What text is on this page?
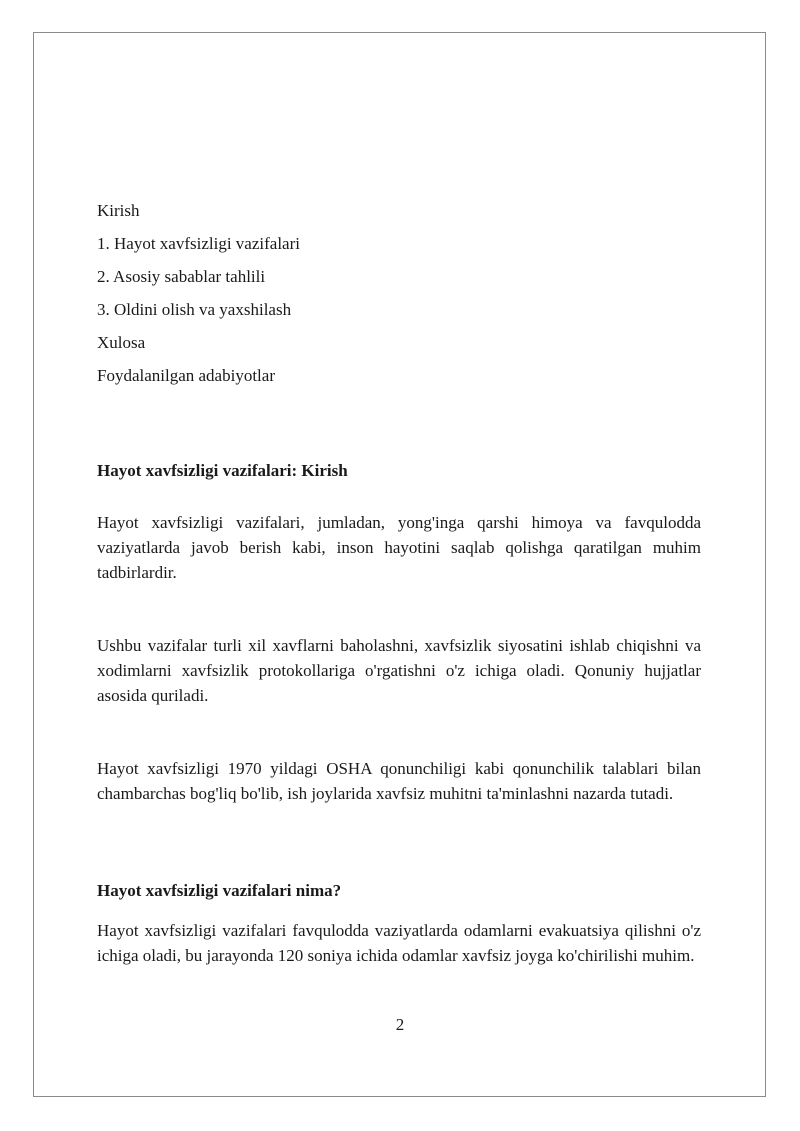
Kirish
1. Hayot xavfsizligi vazifalari
2. Asosiy sabablar tahlili
3. Oldini olish va yaxshilash
Xulosa
Foydalanilgan adabiyotlar
Hayot xavfsizligi vazifalari: Kirish
Hayot xavfsizligi vazifalari, jumladan, yong'inga qarshi himoya va favqulodda vaziyatlarda javob berish kabi, inson hayotini saqlab qolishga qaratilgan muhim tadbirlardir.
Ushbu vazifalar turli xil xavflarni baholashni, xavfsizlik siyosatini ishlab chiqishni va xodimlarni xavfsizlik protokollariga o'rgatishni o'z ichiga oladi. Qonuniy hujjatlar asosida quriladi.
Hayot xavfsizligi 1970 yildagi OSHA qonunchiligi kabi qonunchilik talablari bilan chambarchas bog'liq bo'lib, ish joylarida xavfsiz muhitni ta'minlashni nazarda tutadi.
Hayot xavfsizligi vazifalari nima?
Hayot xavfsizligi vazifalari favqulodda vaziyatlarda odamlarni evakuatsiya qilishni o'z ichiga oladi, bu jarayonda 120 soniya ichida odamlar xavfsiz joyga ko'chirilishi muhim.
2
